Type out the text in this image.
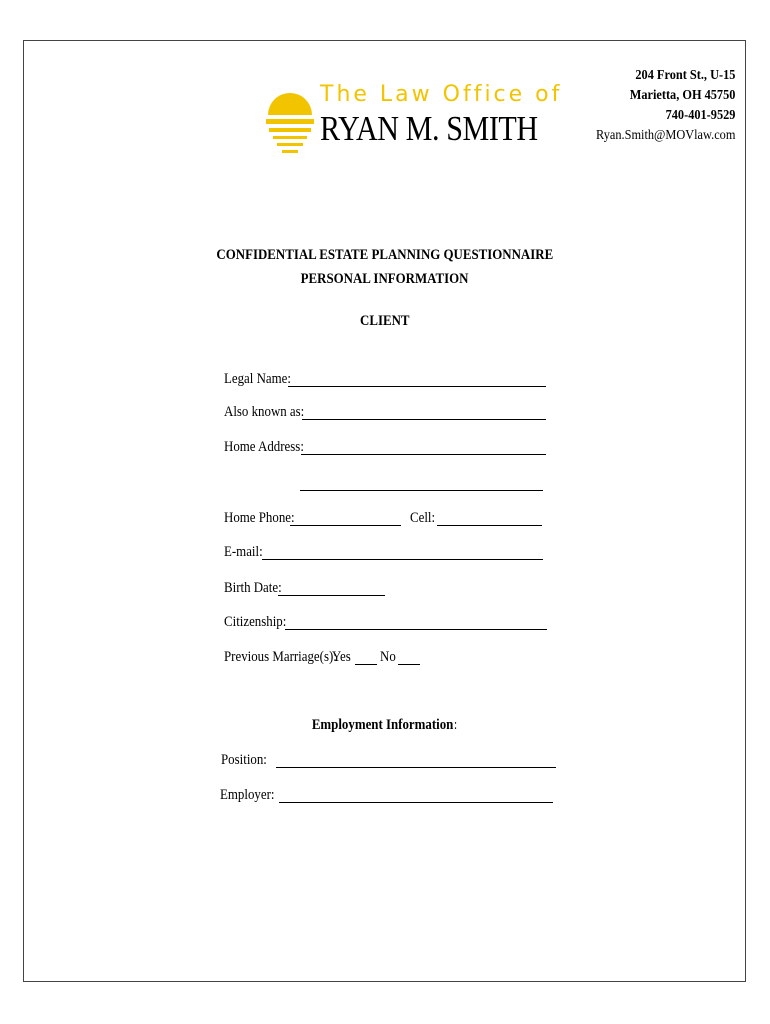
The Law Office of
RYAN M. SMITH
204 Front St., U-15
Marietta, OH 45750
740-401-9529
Ryan.Smith@MOVlaw.com
CONFIDENTIAL ESTATE PLANNING QUESTIONNAIRE
PERSONAL INFORMATION
CLIENT
Legal Name:
Also known as:
Home Address:
Home Phone:	Cell:
E-mail:
Birth Date:
Citizenship:
Previous Marriage(s):
Yes No
Employment Information:
Position:
Employer:
